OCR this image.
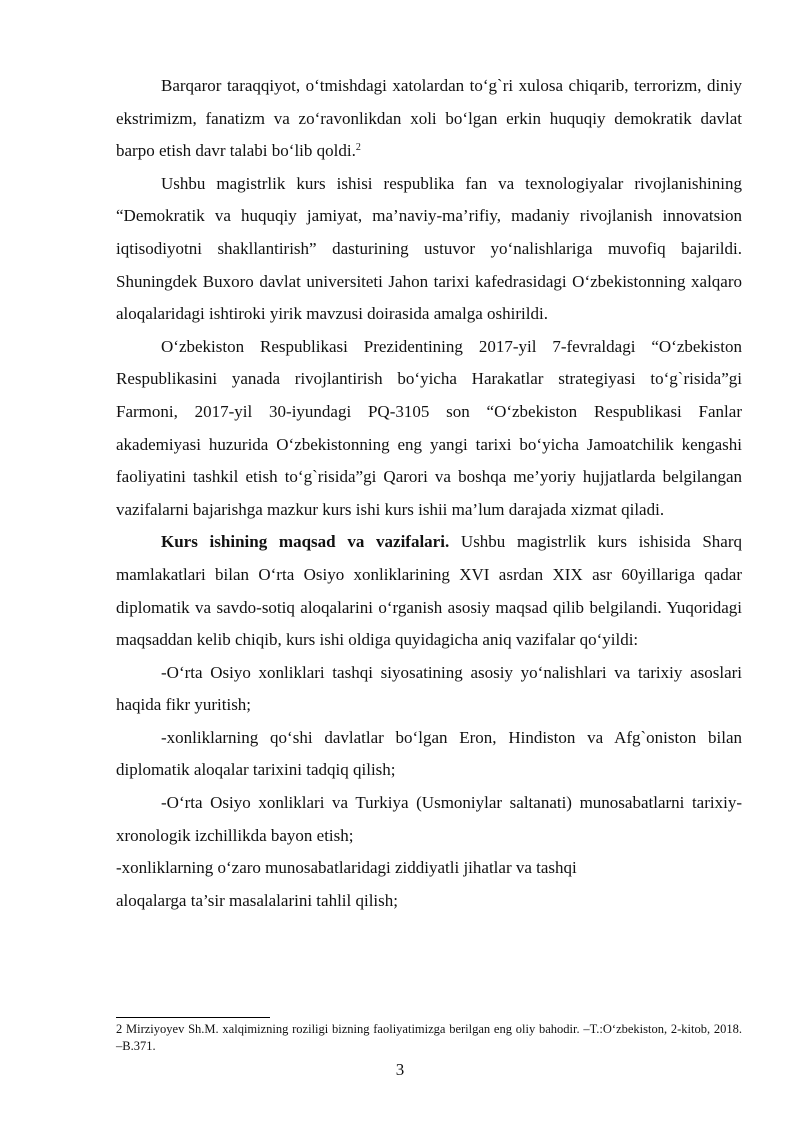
Barqaror taraqqiyot, o‘tmishdagi xatolardan to‘g`ri xulosa chiqarib, terrorizm, diniy ekstrimizm, fanatizm va zo‘ravonlikdan xoli bo‘lgan erkin huquqiy demokratik davlat barpo etish davr talabi bo‘lib qoldi.$^2$

Ushbu magistrlik kurs ishisi respublika fan va texnologiyalar rivojlanishining “Demokratik va huquqiy jamiyat, ma’naviy-ma’rifiy, madaniy rivojlanish innovatsion iqtisodiyotni shakllantirish” dasturining ustuvor yo‘nalishlariga muvofiq bajarildi. Shuningdek Buxoro davlat universiteti Jahon tarixi kafedrasidagi O‘zbekistonning xalqaro aloqalaridagi ishtiroki yirik mavzusi doirasida amalga oshirildi.

O‘zbekiston Respublikasi Prezidentining 2017-yil 7-fevraldagi “O‘zbekiston Respublikasini yanada rivojlantirish bo‘yicha Harakatlar strategiyasi to‘g`risida”gi Farmoni, 2017-yil 30-iyundagi PQ-3105 son “O‘zbekiston Respublikasi Fanlar akademiyasi huzurida O‘zbekistonning eng yangi tarixi bo‘yicha Jamoatchilik kengashi faoliyatini tashkil etish to‘g`risida”gi Qarori va boshqa me’yoriy hujjatlarda belgilangan vazifalarni bajarishga mazkur kurs ishi kurs ishii ma’lum darajada xizmat qiladi.

Kurs ishining maqsad va vazifalari. Ushbu magistrlik kurs ishisida Sharq mamlakatlari bilan O‘rta Osiyo xonliklarining XVI asrdan XIX asr 60yillariga qadar diplomatik va savdo-sotiq aloqalarini o‘rganish asosiy maqsad qilib belgilandi. Yuqoridagi maqsaddan kelib chiqib, kurs ishi oldiga quyidagicha aniq vazifalar qo‘yildi:

-O‘rta Osiyo xonliklari tashqi siyosatining asosiy yo‘nalishlari va tarixiy asoslari haqida fikr yuritish;

-xonliklarning qo‘shi davlatlar bo‘lgan Eron, Hindiston va Afg`oniston bilan diplomatik aloqalar tarixini tadqiq qilish;

-O‘rta Osiyo xonliklari va Turkiya (Usmoniylar saltanati) munosabatlarni tarixiy-xronologik izchillikda bayon etish;

-xonliklarning o‘zaro munosabatlaridagi ziddiyatli jihatlar va tashqi

aloqalarga ta’sir masalalarini tahlil qilish;

2 Mirziyoyev Sh.M. xalqimizning roziligi bizning faoliyatimizga berilgan eng oliy bahodir. –T.:O‘zbekiston, 2-kitob, 2018. –B.371.

3
